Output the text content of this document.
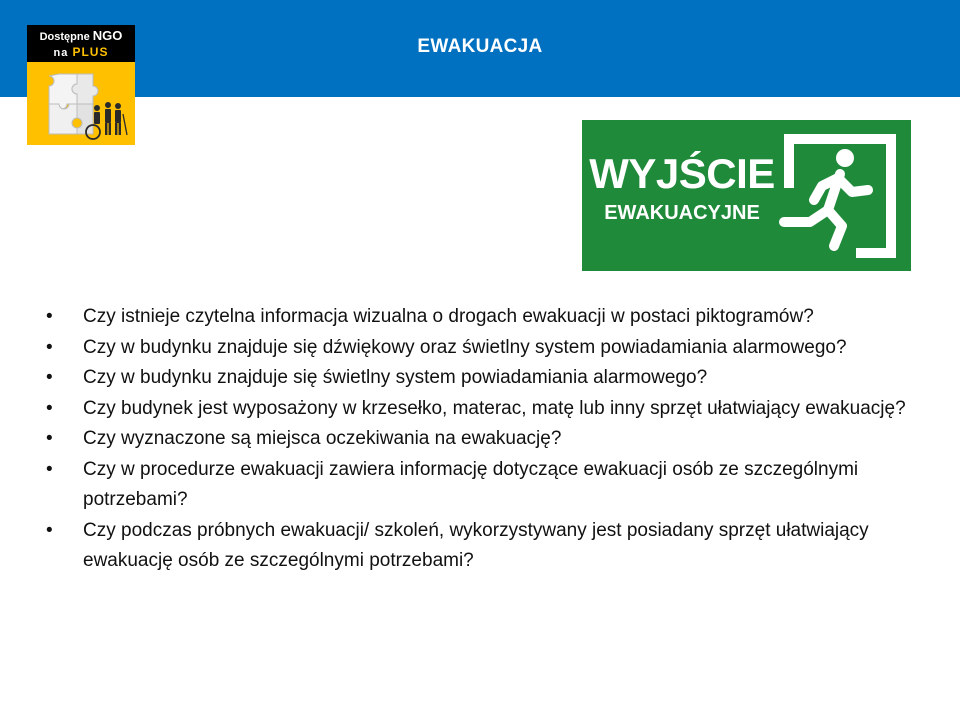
EWAKUACJA
Dostępne NGO
na PLUS
WYJŚCIE
EWAKUACYJNE
• Czy istnieje czytelna informacja wizualna o drogach ewakuacji w postaci piktogramów?
• Czy w budynku znajduje się dźwiękowy oraz świetlny system powiadamiania alarmowego?
• Czy w budynku znajduje się świetlny system powiadamiania alarmowego?
• Czy budynek jest wyposażony w krzesełko, materac, matę lub inny sprzęt ułatwiający ewakuację?
• Czy wyznaczone są miejsca oczekiwania na ewakuację?
• Czy w procedurze ewakuacji zawiera informację dotyczące ewakuacji osób ze szczególnymi potrzebami?
• Czy podczas próbnych ewakuacji/ szkoleń, wykorzystywany jest posiadany sprzęt ułatwiający ewakuację osób ze szczególnymi potrzebami?
